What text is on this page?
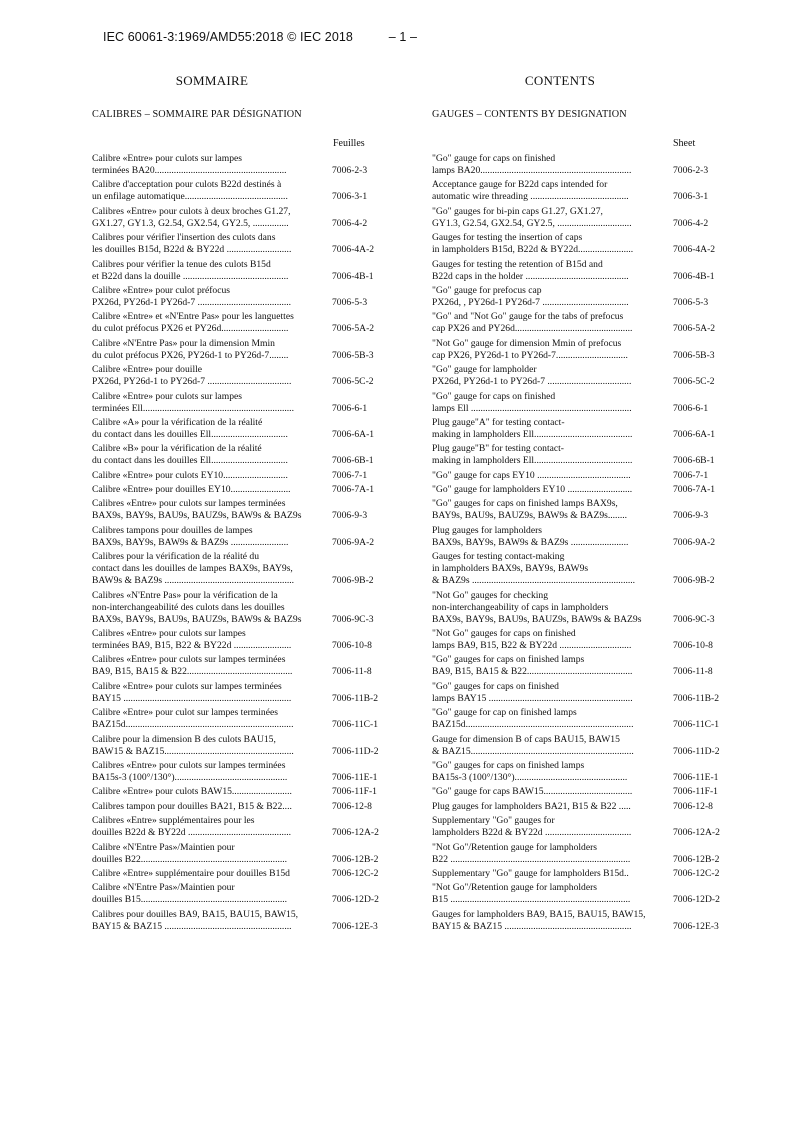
IEC 60061-3:1969/AMD55:2018 © IEC 2018          – 1 –
SOMMAIRE
CALIBRES – SOMMAIRE PAR DÉSIGNATION
Feuilles
Calibre «Entre» pour culots sur lampes
terminées BA20.......................................................	7006-2-3
Calibre d'acceptation pour culots B22d destinés à
un enfilage automatique...........................................	7006-3-1
Calibres «Entre» pour culots à deux broches G1.27,
GX1.27, GY1.3, G2.54, GX2.54, GY2.5, ...............	7006-4-2
Calibres pour vérifier l'insertion des culots dans
les douilles B15d, B22d & BY22d ...........................	7006-4A-2
Calibres pour vérifier la tenue des culots B15d
et B22d dans la douille ............................................	7006-4B-1
Calibre «Entre» pour culot préfocus
PX26d, PY26d-1 PY26d-7 .......................................	7006-5-3
Calibre «Entre» et «N'Entre Pas» pour les languettes
du culot préfocus PX26 et PY26d............................	7006-5A-2
Calibre «N'Entre Pas» pour la dimension Mmin
du culot préfocus PX26, PY26d-1 to PY26d-7........	7006-5B-3
Calibre «Entre» pour douille
PX26d, PY26d-1 to PY26d-7 ...................................	7006-5C-2
Calibre «Entre» pour culots sur lampes
terminées Ell...............................................................	7006-6-1
Calibre «A» pour la vérification de la réalité
du contact dans les douilles Ell................................	7006-6A-1
Calibre «B» pour la vérification de la réalité
du contact dans les douilles Ell................................	7006-6B-1
Calibre «Entre» pour culots EY10...........................	7006-7-1
Calibre «Entre» pour douilles EY10.........................	7006-7A-1
Calibres «Entre» pour culots sur lampes terminées
BAX9s, BAY9s, BAU9s, BAUZ9s, BAW9s & BAZ9s	7006-9-3
Calibres tampons pour douilles de lampes
BAX9s, BAY9s, BAW9s & BAZ9s ........................	7006-9A-2
Calibres pour la vérification de la réalité du
contact dans les douilles de lampes BAX9s, BAY9s,
BAW9s & BAZ9s ......................................................	7006-9B-2
Calibres «N'Entre Pas» pour la vérification de la
non-interchangeabilité des culots dans les douilles
BAX9s, BAY9s, BAU9s, BAUZ9s, BAW9s & BAZ9s	7006-9C-3
Calibres «Entre» pour culots sur lampes
terminées BA9, B15, B22 & BY22d ........................	7006-10-8
Calibres «Entre» pour culots sur lampes terminées
BA9, B15, BA15 & B22............................................	7006-11-8
Calibre «Entre» pour culots sur lampes terminées
BAY15 ......................................................................	7006-11B-2
Calibre «Entre» pour culot sur lampes terminées
BAZ15d......................................................................	7006-11C-1
Calibre pour la dimension B des culots BAU15,
BAW15 & BAZ15......................................................	7006-11D-2
Calibres «Entre» pour culots sur lampes terminées
BA15s-3 (100°/130°)...............................................	7006-11E-1
Calibre «Entre» pour culots BAW15.........................	7006-11F-1
Calibres tampon pour douilles BA21, B15 & B22....	7006-12-8
Calibres «Entre» supplémentaires pour les
douilles B22d & BY22d ...........................................	7006-12A-2
Calibre «N'Entre Pas»/Maintien pour
douilles B22.............................................................	7006-12B-2
Calibre «Entre» supplémentaire pour douilles B15d	7006-12C-2
Calibre «N'Entre Pas»/Maintien pour
douilles B15.............................................................	7006-12D-2
Calibres pour douilles BA9, BA15, BAU15, BAW15,
BAY15 & BAZ15 .....................................................	7006-12E-3
CONTENTS
GAUGES – CONTENTS BY DESIGNATION
Sheet
"Go" gauge for caps on finished
lamps BA20...............................................................	7006-2-3
Acceptance gauge for B22d caps intended for
automatic wire threading .........................................	7006-3-1
"Go" gauges for bi-pin caps G1.27, GX1.27,
GY1.3, G2.54, GX2.54, GY2.5, ...............................	7006-4-2
Gauges for testing the insertion of caps
in lampholders B15d, B22d & BY22d.......................	7006-4A-2
Gauges for testing the retention of B15d and
B22d caps in the holder ...........................................	7006-4B-1
"Go" gauge for prefocus cap
PX26d, , PY26d-1 PY26d-7 ....................................	7006-5-3
"Go" and "Not Go" gauge for the tabs of prefocus
cap PX26 and PY26d.................................................	7006-5A-2
"Not Go" gauge for dimension Mmin of prefocus
cap PX26, PY26d-1 to PY26d-7..............................	7006-5B-3
"Go" gauge for lampholder
PX26d, PY26d-1 to PY26d-7 ...................................	7006-5C-2
"Go" gauge for caps on finished
lamps Ell ...................................................................	7006-6-1
Plug gauge"A" for testing contact-
making in lampholders Ell.........................................	7006-6A-1
Plug gauge"B" for testing contact-
making in lampholders Ell.........................................	7006-6B-1
"Go" gauge for caps EY10 .......................................	7006-7-1
"Go" gauge for lampholders EY10 ...........................	7006-7A-1
"Go" gauges for caps on finished lamps BAX9s,
BAY9s, BAU9s, BAUZ9s, BAW9s & BAZ9s........	7006-9-3
Plug gauges for lampholders
BAX9s, BAY9s, BAW9s & BAZ9s ........................	7006-9A-2
Gauges for testing contact-making
in lampholders BAX9s, BAY9s, BAW9s
& BAZ9s ....................................................................	7006-9B-2
"Not Go" gauges for checking
non-interchangeability of caps in lampholders
BAX9s, BAY9s, BAU9s, BAUZ9s, BAW9s & BAZ9s	7006-9C-3
"Not Go" gauges for caps on finished
lamps BA9, B15, B22 & BY22d ..............................	7006-10-8
"Go" gauges for caps on finished lamps
BA9, B15, BA15 & B22............................................	7006-11-8
"Go" gauges for caps on finished
lamps BAY15 ............................................................	7006-11B-2
"Go" gauge for cap on finished lamps
BAZ15d......................................................................	7006-11C-1
Gauge for dimension B of caps BAU15, BAW15
& BAZ15....................................................................	7006-11D-2
"Go" gauges for caps on finished lamps
BA15s-3 (100°/130°)...............................................	7006-11E-1
"Go" gauge for caps BAW15.....................................	7006-11F-1
Plug gauges for lampholders BA21, B15 & B22 .....	7006-12-8
Supplementary "Go" gauges for
lampholders B22d & BY22d ....................................	7006-12A-2
"Not Go"/Retention gauge for lampholders
B22 ...........................................................................	7006-12B-2
Supplementary "Go" gauge for lampholders B15d..	7006-12C-2
"Not Go"/Retention gauge for lampholders
B15 ...........................................................................	7006-12D-2
Gauges for lampholders BA9, BA15, BAU15, BAW15,
BAY15 & BAZ15 .....................................................	7006-12E-3
